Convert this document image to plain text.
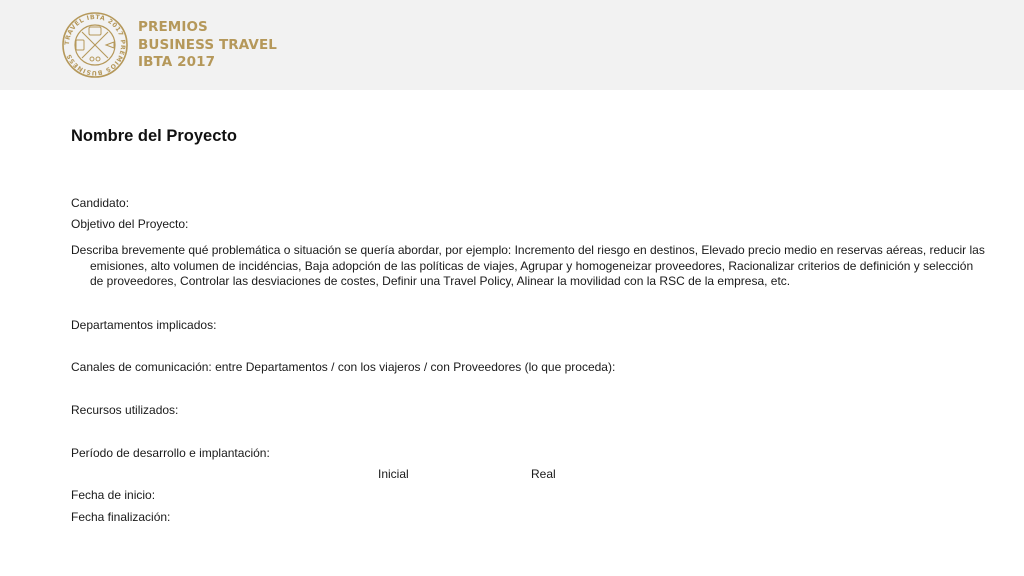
TRAVEL IBTA 2017 PREMIOS BUSINESS
PREMIOS
BUSINESS TRAVEL
IBTA 2017
Nombre del Proyecto
Candidato:
Objetivo del Proyecto:
Describa brevemente qué problemática o situación se quería abordar, por ejemplo: Incremento del riesgo en destinos, Elevado precio medio en reservas aéreas, reducir las emisiones, alto volumen de incidéncias, Baja adopción de las políticas de viajes, Agrupar y homogeneizar proveedores, Racionalizar criterios de definición y selección de proveedores, Controlar las desviaciones de costes, Definir una Travel Policy, Alinear la movilidad con la RSC de la empresa, etc.
Departamentos implicados:
Canales de comunicación: entre Departamentos / con los viajeros / con Proveedores (lo que proceda):
Recursos utilizados:
Período de desarrollo e implantación:
Inicial	Real
Fecha de inicio:
Fecha finalización:
